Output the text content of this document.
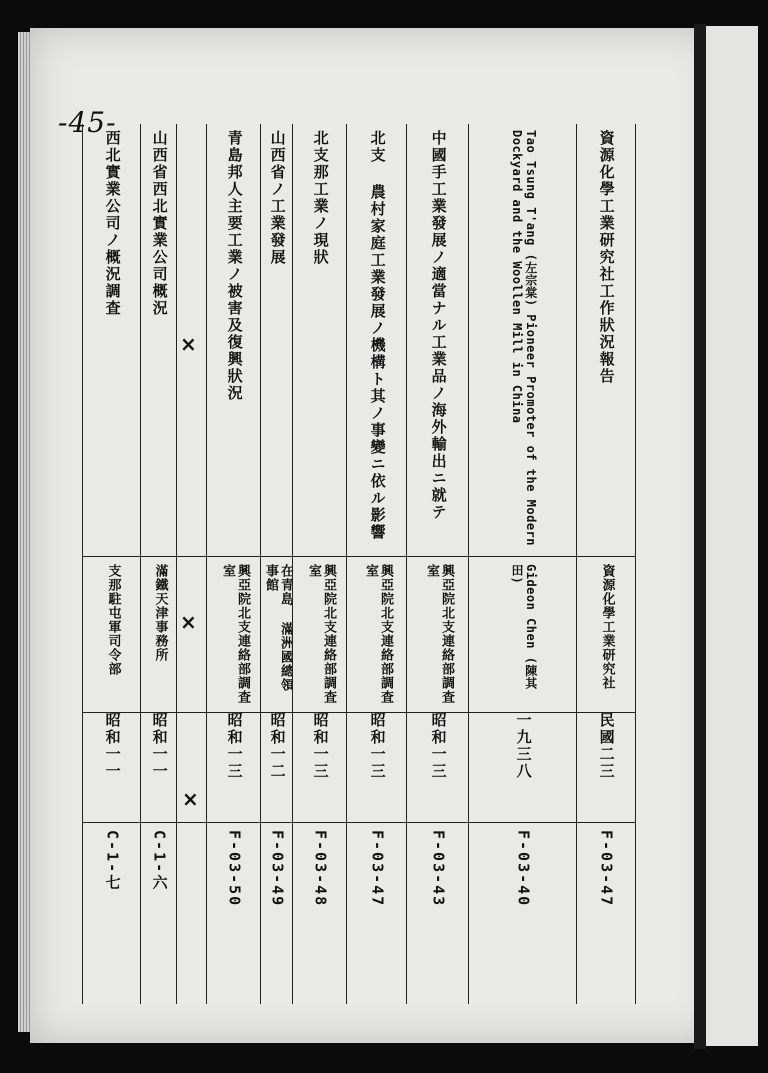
-45-
西北實業公司ノ概況調査
支那駐屯軍司令部
昭和一一
C-1-七
山西省西北實業公司概況
滿鐵天津事務所
昭和一一
C-1-六
青島邦人主要工業ノ被害及復興狀況
興亞院北支連絡部調査室
昭和一三
F-03-50
山西省ノ工業發展
在青島 滿洲國總領事館
昭和一二
F-03-49
北支那工業ノ現狀
興亞院北支連絡部調査室
昭和一三
F-03-48
北支 農村家庭工業發展ノ機構ト其ノ事變ニ依ル影響
興亞院北支連絡部調査室
昭和一三
F-03-47
中國手工業發展ノ適當ナル工業品ノ海外輸出ニ就テ
興亞院北支連絡部調査室
昭和一三
F-03-43
Tao Tsung T'ang (左宗棠) Pioneer Promoter of the Modern Dockyard and the Woollen Mill in China
Gideon Chen (陳其田)
一九三八
F-03-40
資源化學工業研究社工作狀況報告
資源化學工業研究社
民國二三
F-03-47
×
×
×
